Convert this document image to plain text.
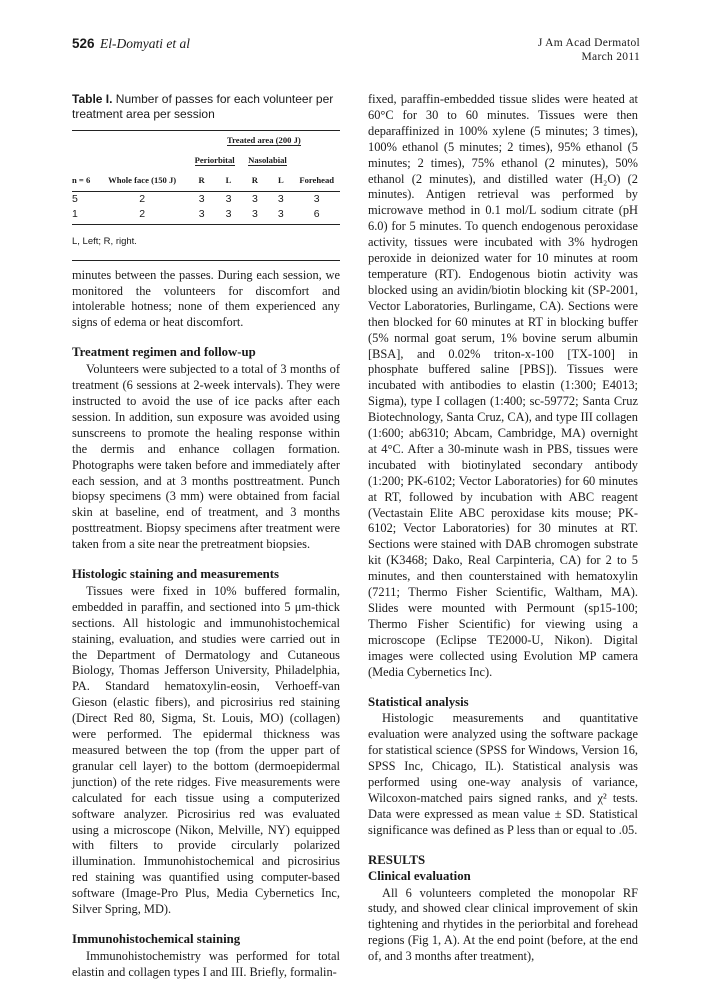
526 El-Domyati et al	J Am Acad Dermatol
March 2011
Table I. Number of passes for each volunteer per treatment area per session
		Treated area (200 J)				
		Periorbital		Nasolabial		
n = 6	Whole face (150 J)	R	L	R	L	Forehead
5	2	3	3	3	3	3
1	2	3	3	3	3	6
L, Left; R, right.

minutes between the passes. During each session, we monitored the volunteers for discomfort and intolerable hotness; none of them experienced any signs of edema or heat discomfort.

Treatment regimen and follow-up

Volunteers were subjected to a total of 3 months of treatment (6 sessions at 2-week intervals). They were instructed to avoid the use of ice packs after each session. In addition, sun exposure was avoided using sunscreens to promote the healing response within the dermis and enhance collagen formation. Photographs were taken before and immediately after each session, and at 3 months posttreatment. Punch biopsy specimens (3 mm) were obtained from facial skin at baseline, end of treatment, and 3 months posttreatment. Biopsy specimens after treatment were taken from a site near the pretreatment biopsies.

Histologic staining and measurements

Tissues were fixed in 10% buffered formalin, embedded in paraffin, and sectioned into 5 μm-thick sections. All histologic and immunohistochemical staining, evaluation, and studies were carried out in the Department of Dermatology and Cutaneous Biology, Thomas Jefferson University, Philadelphia, PA. Standard hematoxylin-eosin, Verhoeff-van Gieson (elastic fibers), and picrosirius red staining (Direct Red 80, Sigma, St. Louis, MO) (collagen) were performed. The epidermal thickness was measured between the top (from the upper part of granular cell layer) to the bottom (dermoepidermal junction) of the rete ridges. Five measurements were calculated for each tissue using a computerized software analyzer. Picrosirius red was evaluated using a microscope (Nikon, Melville, NY) equipped with filters to provide circularly polarized illumination. Immunohistochemical and picrosirius red staining was quantified using computer-based software (Image-Pro Plus, Media Cybernetics Inc, Silver Spring, MD).

Immunohistochemical staining

Immunohistochemistry was performed for total elastin and collagen types I and III. Briefly, formalin-

fixed, paraffin-embedded tissue slides were heated at 60°C for 30 to 60 minutes. Tissues were then deparaffinized in 100% xylene (5 minutes; 3 times), 100% ethanol (5 minutes; 2 times), 95% ethanol (5 minutes; 2 times), 75% ethanol (2 minutes), 50% ethanol (2 minutes), and distilled water (H₂O) (2 minutes). Antigen retrieval was performed by microwave method in 0.1 mol/L sodium citrate (pH 6.0) for 5 minutes. To quench endogenous peroxidase activity, tissues were incubated with 3% hydrogen peroxide in deionized water for 10 minutes at room temperature (RT). Endogenous biotin activity was blocked using an avidin/biotin blocking kit (SP-2001, Vector Laboratories, Burlingame, CA). Sections were then blocked for 60 minutes at RT in blocking buffer (5% normal goat serum, 1% bovine serum albumin [BSA], and 0.02% triton-x-100 [TX-100] in phosphate buffered saline [PBS]). Tissues were incubated with antibodies to elastin (1:300; E4013; Sigma), type I collagen (1:400; sc-59772; Santa Cruz Biotechnology, Santa Cruz, CA), and type III collagen (1:600; ab6310; Abcam, Cambridge, MA) overnight at 4°C. After a 30-minute wash in PBS, tissues were incubated with biotinylated secondary antibody (1:200; PK-6102; Vector Laboratories) for 60 minutes at RT, followed by incubation with ABC reagent (Vectastain Elite ABC peroxidase kits mouse; PK-6102; Vector Laboratories) for 30 minutes at RT. Sections were stained with DAB chromogen substrate kit (K3468; Dako, Real Carpinteria, CA) for 2 to 5 minutes, and then counterstained with hematoxylin (7211; Thermo Fisher Scientific, Waltham, MA). Slides were mounted with Permount (sp15-100; Thermo Fisher Scientific) for viewing using a microscope (Eclipse TE2000-U, Nikon). Digital images were collected using Evolution MP camera (Media Cybernetics Inc).

Statistical analysis

Histologic measurements and quantitative evaluation were analyzed using the software package for statistical science (SPSS for Windows, Version 16, SPSS Inc, Chicago, IL). Statistical analysis was performed using one-way analysis of variance, Wilcoxon-matched pairs signed ranks, and χ² tests. Data were expressed as mean value ± SD. Statistical significance was defined as P less than or equal to .05.

RESULTS
Clinical evaluation

All 6 volunteers completed the monopolar RF study, and showed clear clinical improvement of skin tightening and rhytides in the periorbital and forehead regions (Fig 1, A). At the end point (before, at the end of, and 3 months after treatment),
